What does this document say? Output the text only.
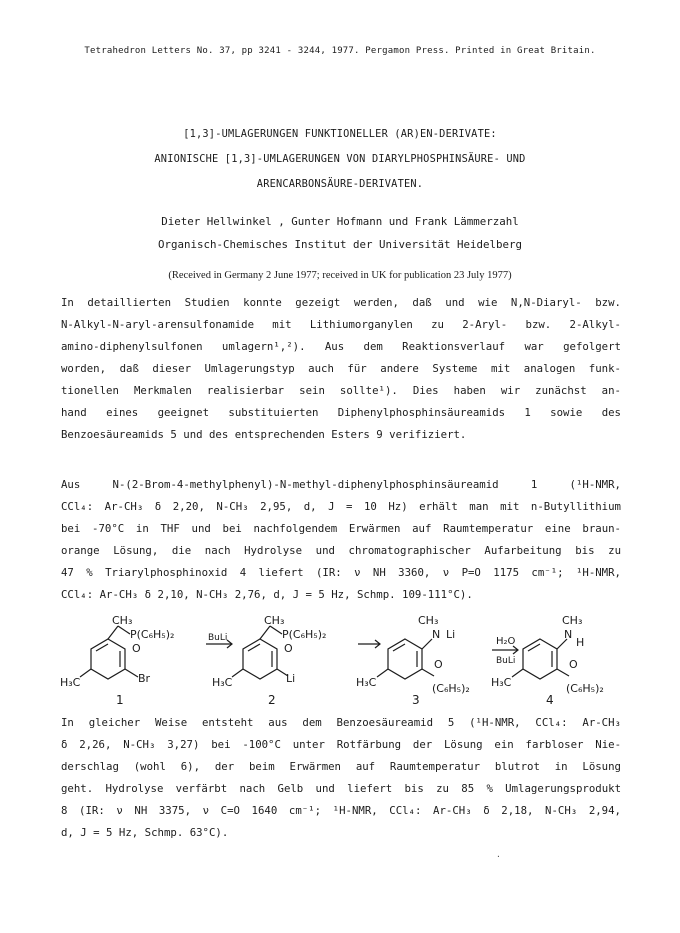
Tetrahedron Letters No. 37, pp 3241 - 3244, 1977. Pergamon Press. Printed in Great Britain.
[1,3]-UMLAGERUNGEN FUNKTIONELLER (AR)EN-DERIVATE:
ANIONISCHE [1,3]-UMLAGERUNGEN VON DIARYLPHOSPHINSÄURE- UND
ARENCARBONSÄURE-DERIVATEN.
Dieter Hellwinkel , Gunter Hofmann und Frank Lämmerzahl
Organisch-Chemisches Institut der Universität Heidelberg
(Received in Germany 2 June 1977; received in UK for publication 23 July 1977)
In detaillierten Studien konnte gezeigt werden, daß und wie N,N-Diaryl- bzw.
N-Alkyl-N-aryl-arensulfonamide mit Lithiumorganylen zu 2-Aryl- bzw. 2-Alkyl-
amino-diphenylsulfonen umlagern¹,²). Aus dem Reaktionsverlauf war gefolgert
worden, daß dieser Umlagerungstyp auch für andere Systeme mit analogen funk-
tionellen Merkmalen realisierbar sein sollte¹). Dies haben wir zunächst an-
hand eines geeignet substituierten Diphenylphosphinsäureamids 1 sowie des
Benzoesäureamids 5 und des entsprechenden Esters 9 verifiziert.
Aus N-(2-Brom-4-methylphenyl)-N-methyl-diphenylphosphinsäureamid 1 (¹H-NMR,
CCl₄: Ar-CH₃ δ 2,20, N-CH₃ 2,95, d, J = 10 Hz) erhält man mit n-Butyllithium
bei -70°C in THF und bei nachfolgendem Erwärmen auf Raumtemperatur eine braun-
orange Lösung, die nach Hydrolyse und chromatographischer Aufarbeitung bis zu
47 % Triarylphosphinoxid 4 liefert (IR: ν NH 3360, ν P=O 1175 cm⁻¹; ¹H-NMR,
CCl₄: Ar-CH₃ δ 2,10, N-CH₃ 2,76, d, J = 5 Hz, Schmp. 109-111°C).
CH₃
P(C₆H₅)₂
O
Br
H₃C
1
BuLi
CH₃
P(C₆H₅)₂
O
Li
H₃C
2
CH₃
N Li
O
(C₆H₅)₂
H₃C
3
H₂O
BuLi
CH₃
N
H
O
(C₆H₅)₂
H₃C
4
In gleicher Weise entsteht aus dem Benzoesäureamid 5 (¹H-NMR, CCl₄: Ar-CH₃
δ 2,26, N-CH₃ 3,27) bei -100°C unter Rotfärbung der Lösung ein farbloser Nie-
derschlag (wohl 6), der beim Erwärmen auf Raumtemperatur blutrot in Lösung
geht. Hydrolyse verfärbt nach Gelb und liefert bis zu 85 % Umlagerungsprodukt
8 (IR: ν NH 3375, ν C=O 1640 cm⁻¹; ¹H-NMR, CCl₄: Ar-CH₃ δ 2,18, N-CH₃ 2,94,
d, J = 5 Hz, Schmp. 63°C).
·
